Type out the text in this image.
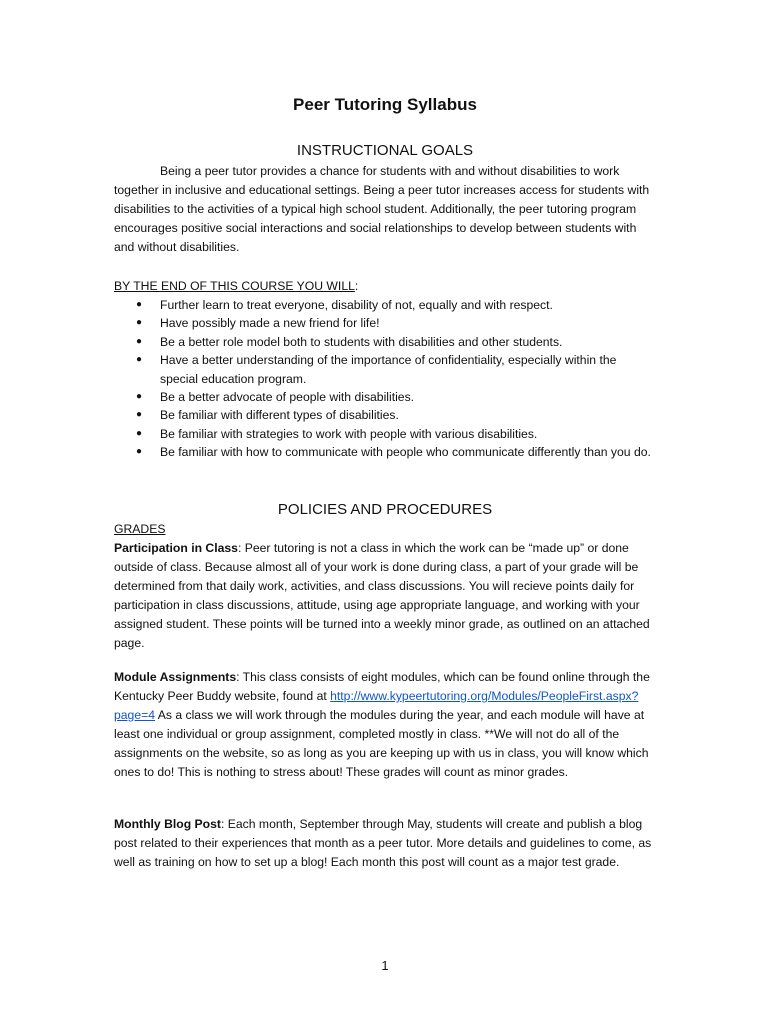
Peer Tutoring Syllabus
INSTRUCTIONAL GOALS

Being a peer tutor provides a chance for students with and without disabilities to work together in inclusive and educational settings. Being a peer tutor increases access for students with disabilities to the activities of a typical high school student. Additionally, the peer tutoring program encourages positive social interactions and social relationships to develop between students with and without disabilities.

BY THE END OF THIS COURSE YOU WILL:
● Further learn to treat everyone, disability of not, equally and with respect.
● Have possibly made a new friend for life!
● Be a better role model both to students with disabilities and other students.
● Have a better understanding of the importance of confidentiality, especially within the special education program.
● Be a better advocate of people with disabilities.
● Be familiar with different types of disabilities.
● Be familiar with strategies to work with people with various disabilities.
● Be familiar with how to communicate with people who communicate differently than you do.
POLICIES AND PROCEDURES
GRADES

Participation in Class: Peer tutoring is not a class in which the work can be “made up” or done outside of class. Because almost all of your work is done during class, a part of your grade will be determined from that daily work, activities, and class discussions. You will recieve points daily for participation in class discussions, attitude, using age appropriate language, and working with your assigned student. These points will be turned into a weekly minor grade, as outlined on an attached page.

Module Assignments: This class consists of eight modules, which can be found online through the Kentucky Peer Buddy website, found at http://www.kypeertutoring.org/Modules/PeopleFirst.aspx?page=4 As a class we will work through the modules during the year, and each module will have at least one individual or group assignment, completed mostly in class. **We will not do all of the assignments on the website, so as long as you are keeping up with us in class, you will know which ones to do! This is nothing to stress about! These grades will count as minor grades.

Monthly Blog Post: Each month, September through May, students will create and publish a blog post related to their experiences that month as a peer tutor. More details and guidelines to come, as well as training on how to set up a blog! Each month this post will count as a major test grade.

1
